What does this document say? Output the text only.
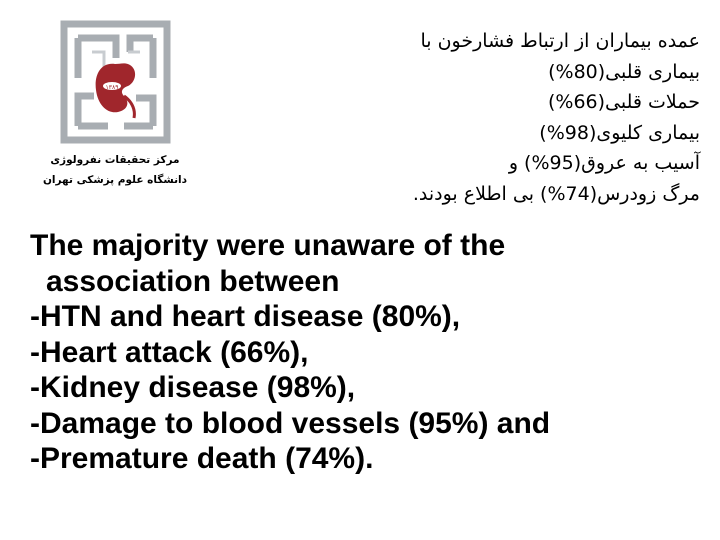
۱۳۸۹
مرکز تحقیقات نفرولوژی
دانشگاه علوم پزشکی تهران
عمده بیماران از ارتباط فشارخون با
بیماری قلبی(80%)
حملات قلبی(66%)
بیماری کلیوی(98%)
آسیب به عروق(95%) و
مرگ زودرس(74%) بی اطلاع بودند.
The majority were unaware of the
association between
-HTN and heart disease (80%),
-Heart attack (66%),
-Kidney disease (98%),
-Damage to blood vessels (95%) and
-Premature death (74%).
